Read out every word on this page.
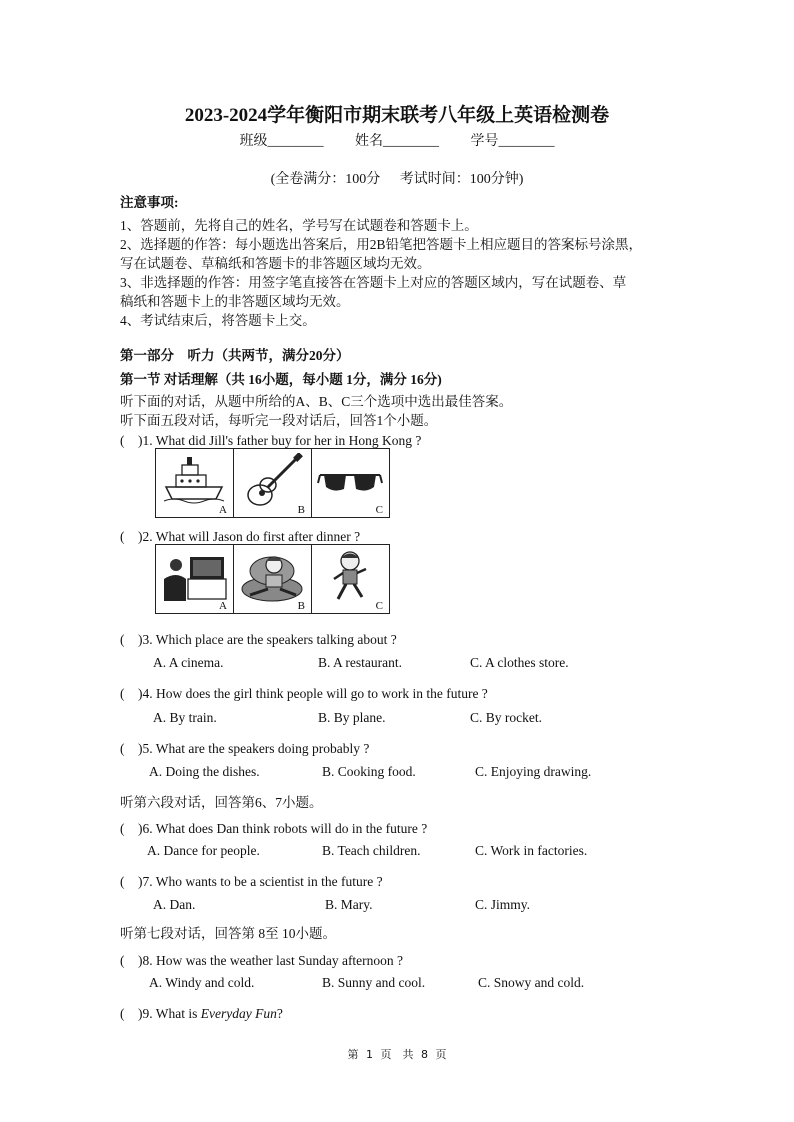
2023-2024学年衡阳市期末联考八年级上英语检测卷
班级________ 姓名________ 学号________
(全卷满分：100分 考试时间：100分钟)
注意事项:
1、答题前，先将自己的姓名，学号写在试题卷和答题卡上。
2、选择题的作答：每小题选出答案后，用2B铅笔把答题卡上相应题目的答案标号涂黑，
写在试题卷、草稿纸和答题卡的非答题区域均无效。
3、非选择题的作答：用签字笔直接答在答题卡上对应的答题区域内，写在试题卷、草
稿纸和答题卡上的非答题区域均无效。
4、考试结束后，将答题卡上交。
第一部分　听力（共两节，满分20分）
第一节 对话理解（共 16小题，每小题 1分，满分 16分)
听下面的对话，从题中所给的A、B、C三个选项中选出最佳答案。
听下面五段对话，每听完一段对话后，回答1个小题。
(　)1. What did Jill's father buy for her in Hong Kong ?
A	B	C
(　)2. What will Jason do first after dinner ?
A	B	C
(　)3. Which place are the speakers talking about ?
A. A cinema.	B. A restaurant.	C. A clothes store.
(　)4. How does the girl think people will go to work in the future ?
A. By train.	B. By plane.	C. By rocket.
(　)5. What are the speakers doing probably ?
A. Doing the dishes.	B. Cooking food.	C. Enjoying drawing.
听第六段对话，回答第6、7小题。
(　)6. What does Dan think robots will do in the future ?
A. Dance for people.	B. Teach children.	C. Work in factories.
(　)7. Who wants to be a scientist in the future ?
A. Dan.	B. Mary.	C. Jimmy.
听第七段对话，回答第 8至 10小题。
(　)8. How was the weather last Sunday afternoon ?
A. Windy and cold.	B. Sunny and cool.	C. Snowy and cold.
(　)9. What is Everyday Fun?
第 1 页　共 8 页
